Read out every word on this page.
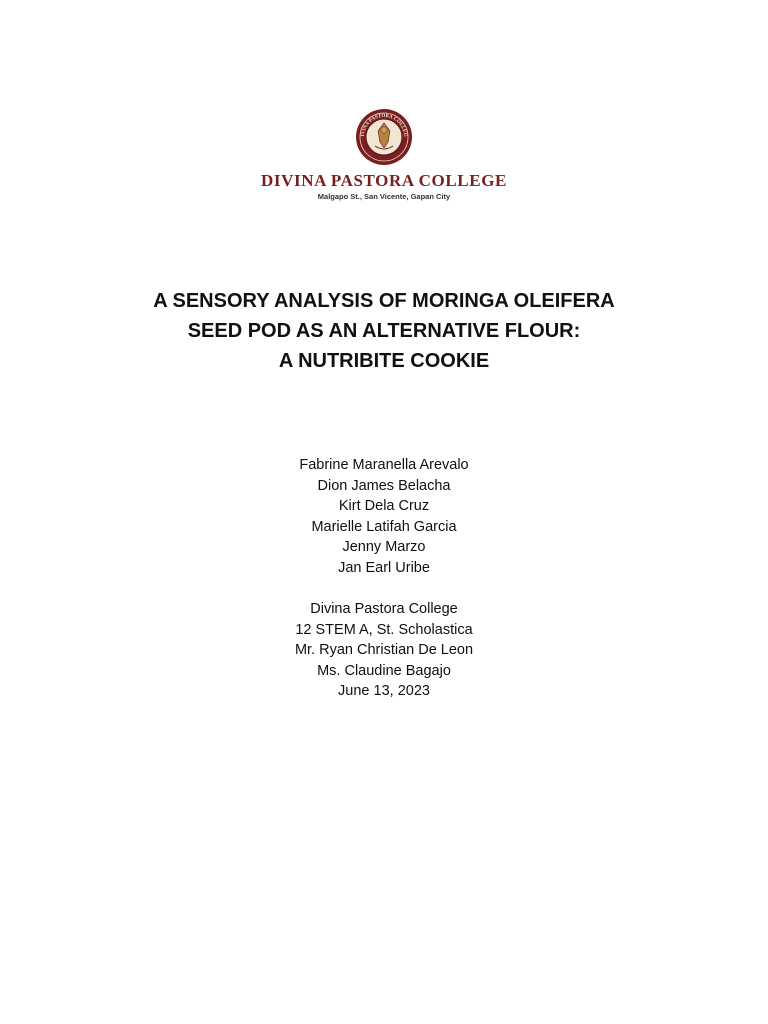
IVINA PASTORA COLLEG
SINCE 1998
DIVINA PASTORA COLLEGE
Malgapo St., San Vicente, Gapan City
A SENSORY ANALYSIS OF MORINGA OLEIFERA
SEED POD AS AN ALTERNATIVE FLOUR:
A NUTRIBITE COOKIE
Fabrine Maranella Arevalo
Dion James Belacha
Kirt Dela Cruz
Marielle Latifah Garcia
Jenny Marzo
Jan Earl Uribe
Divina Pastora College
12 STEM A, St. Scholastica
Mr. Ryan Christian De Leon
Ms. Claudine Bagajo
June 13, 2023
